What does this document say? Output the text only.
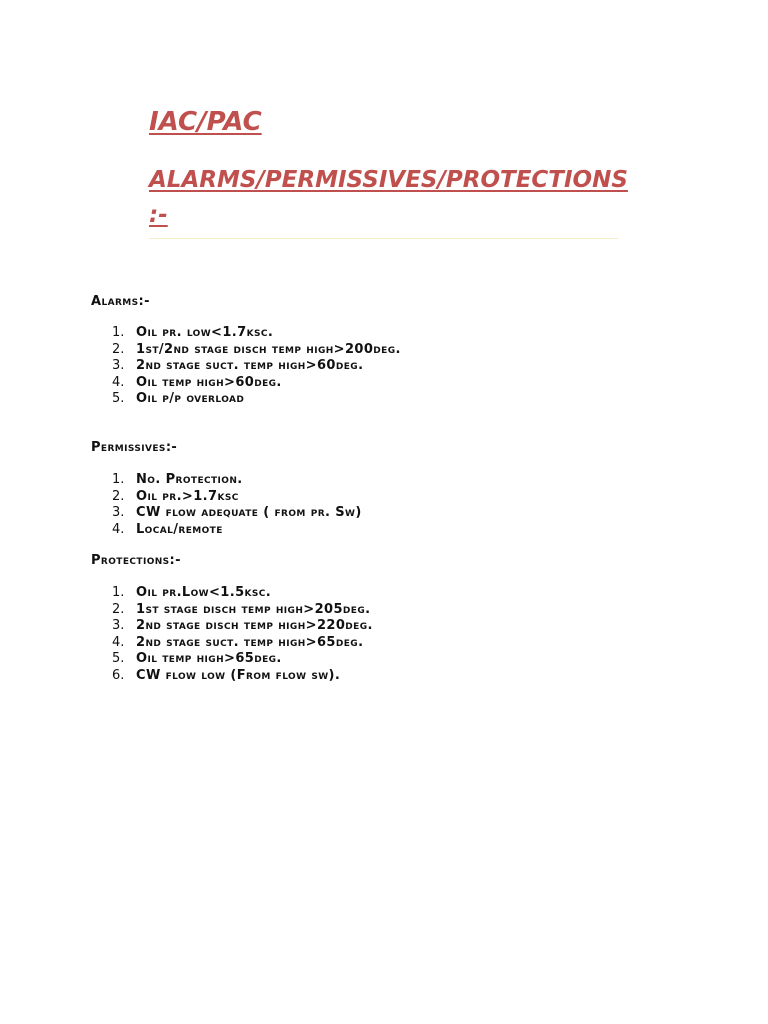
IAC/PAC
ALARMS/PERMISSIVES/PROTECTIONS :-

Alarms:-

1. Oil pr. low<1.7ksc.
2. 1st/2nd stage disch temp high>200deg.
3. 2nd stage suct. temp high>60deg.
4. Oil temp high>60deg.
5. Oil p/p overload

Permissives:-

1. No. Protection.
2. Oil pr.>1.7ksc
3. CW flow adequate ( from pr. Sw)
4. Local/remote

Protections:-

1. Oil pr.Low<1.5ksc.
2. 1st stage disch temp high>205deg.
3. 2nd stage disch temp high>220deg.
4. 2nd stage suct. temp high>65deg.
5. Oil temp high>65deg.
6. CW flow low (From flow sw).
